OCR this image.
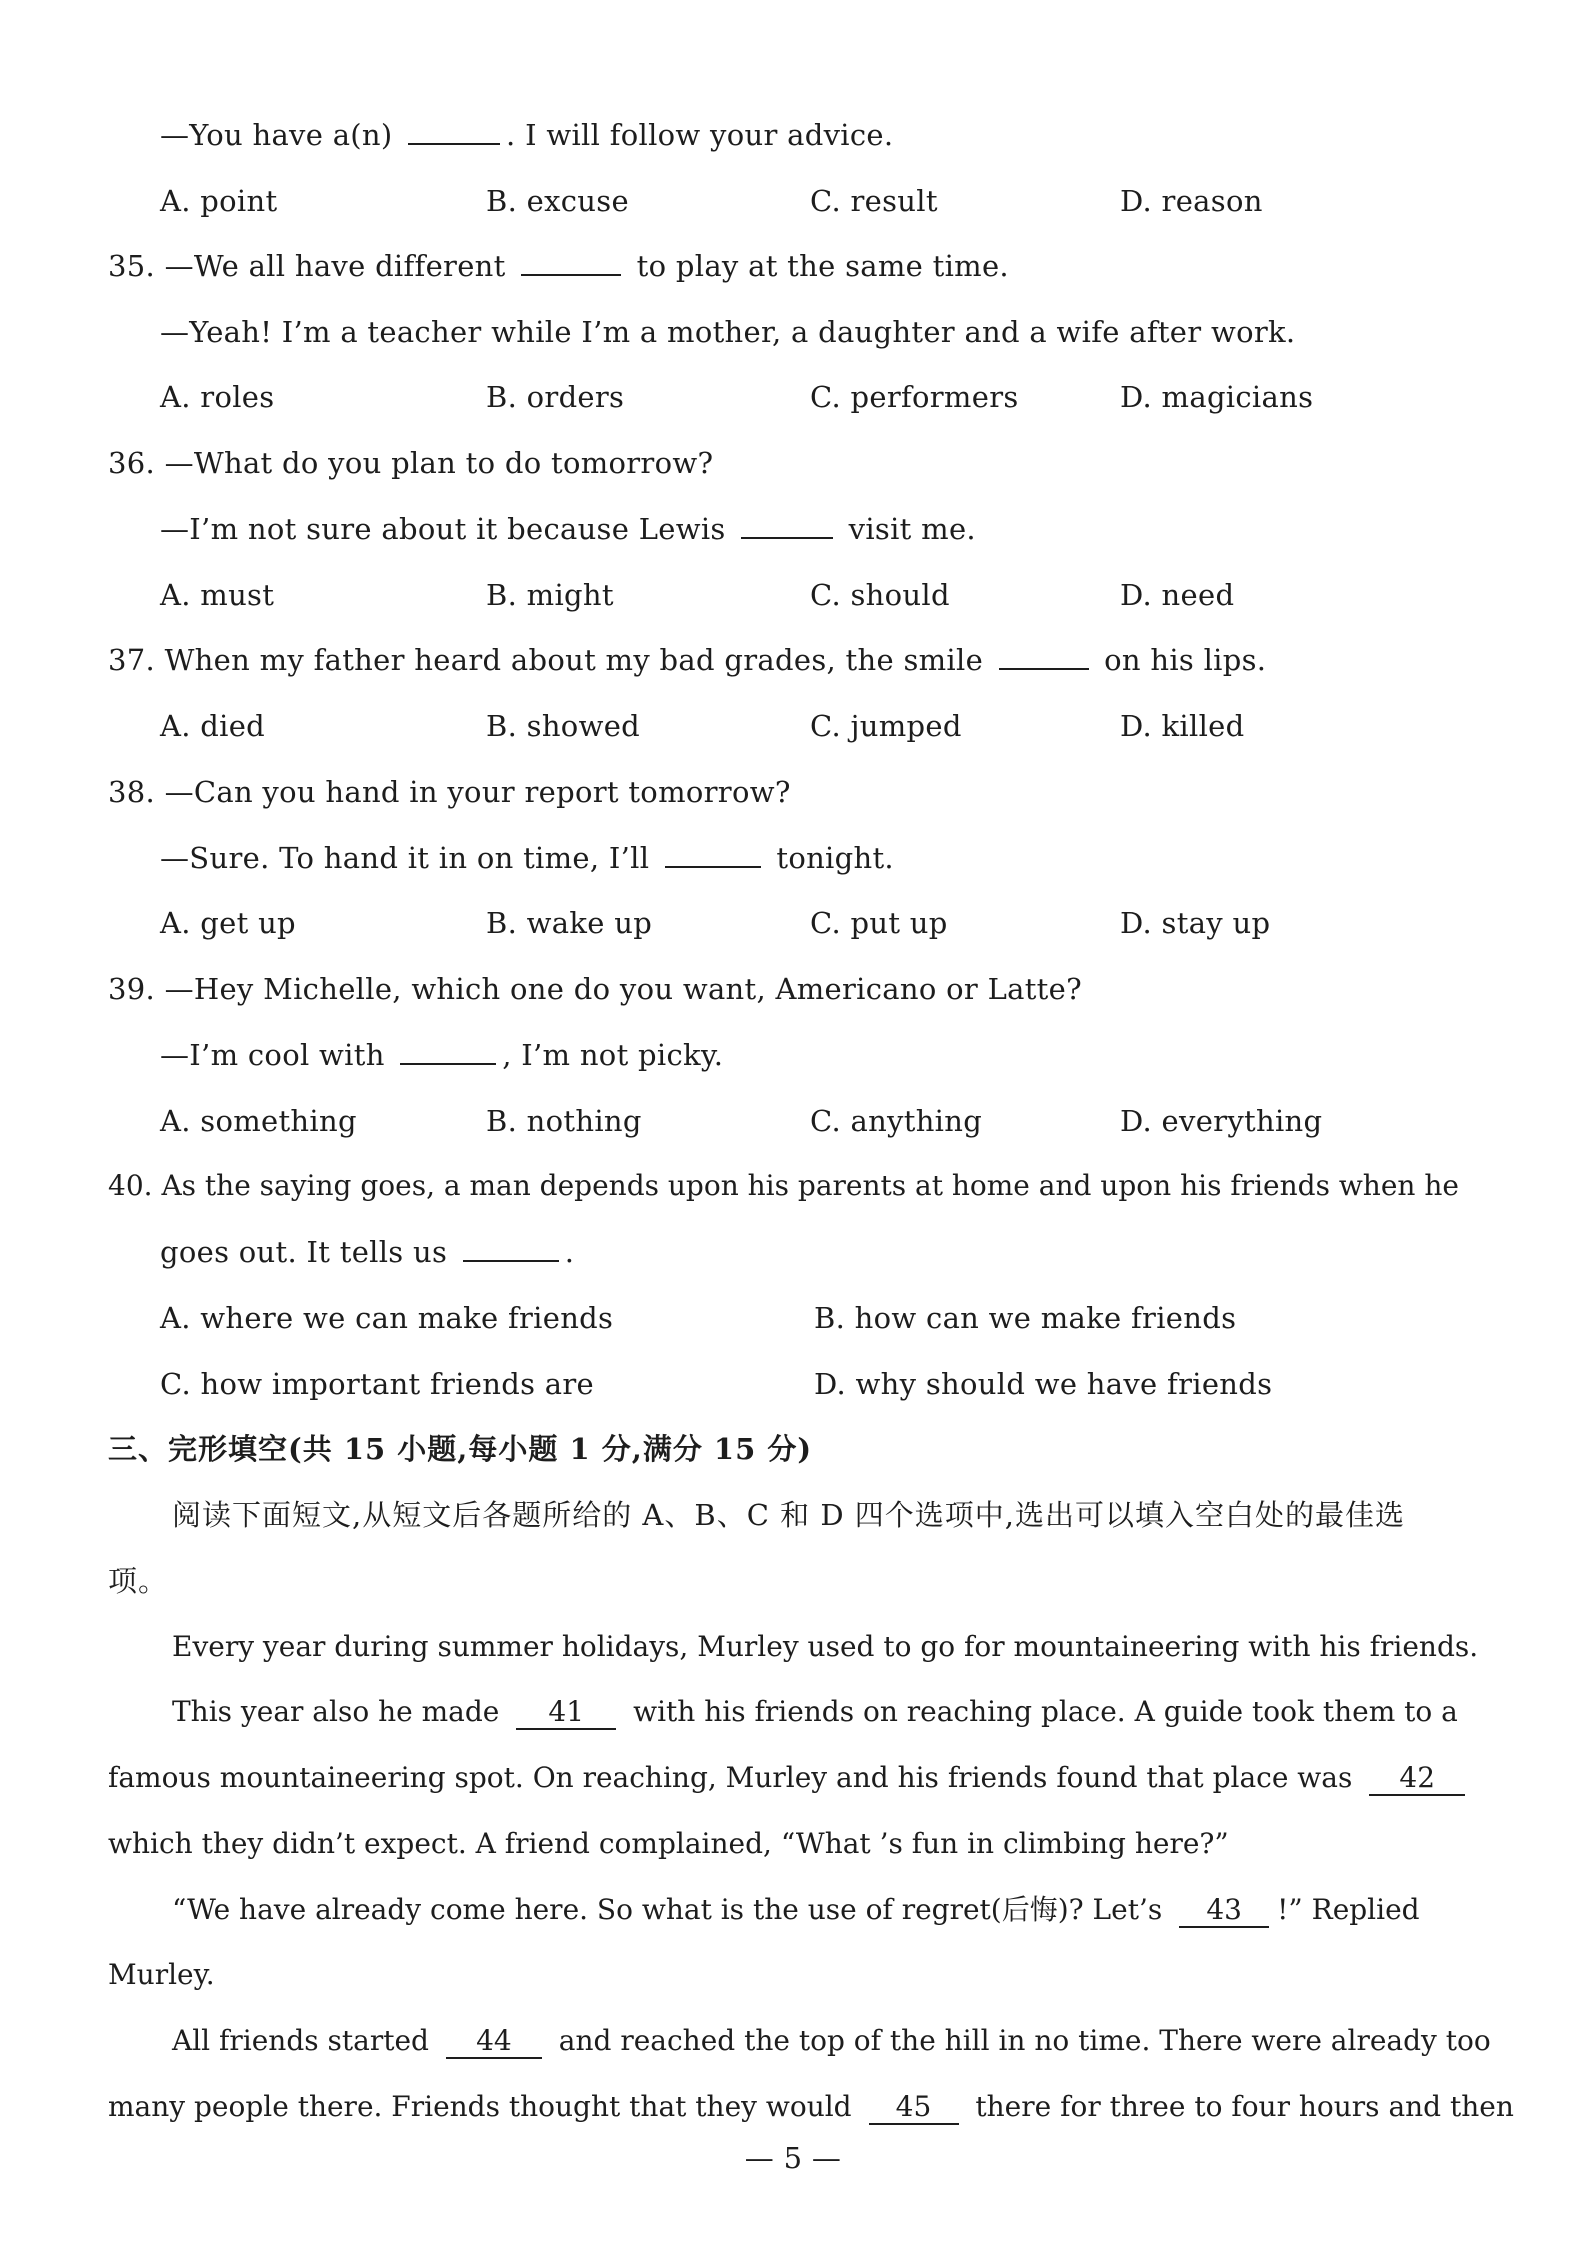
—You have a(n)	. I will follow your advice.
A. point	B. excuse	C. result	D. reason
35. —We all have different	to play at the same time.
—Yeah! I’m a teacher while I’m a mother, a daughter and a wife after work.
A. roles	B. orders	C. performers	D. magicians
36. —What do you plan to do tomorrow?
—I’m not sure about it because Lewis	visit me.
A. must	B. might	C. should	D. need
37. When my father heard about my bad grades, the smile	on his lips.
A. died	B. showed	C. jumped	D. killed
38. —Can you hand in your report tomorrow?
—Sure. To hand it in on time, I’ll	tonight.
A. get up	B. wake up	C. put up	D. stay up
39. —Hey Michelle, which one do you want, Americano or Latte?
—I’m cool with	, I’m not picky.
A. something	B. nothing	C. anything	D. everything
40. As the saying goes, a man depends upon his parents at home and upon his friends when he
goes out. It tells us	.
A. where we can make friends	B. how can we make friends
C. how important friends are	D. why should we have friends
三、完形填空(共 15 小题,每小题 1 分,满分 15 分)
阅读下面短文,从短文后各题所给的 A、B、C 和 D 四个选项中,选出可以填入空白处的最佳选
项。
Every year during summer holidays, Murley used to go for mountaineering with his friends.
This year also he made 41 with his friends on reaching place. A guide took them to a
famous mountaineering spot. On reaching, Murley and his friends found that place was 42
which they didn’t expect. A friend complained, “What ’s fun in climbing here?”
“We have already come here. So what is the use of regret(后悔)? Let’s 43 !” Replied
Murley.
All friends started 44 and reached the top of the hill in no time. There were already too
many people there. Friends thought that they would 45 there for three to four hours and then
— 5 —
